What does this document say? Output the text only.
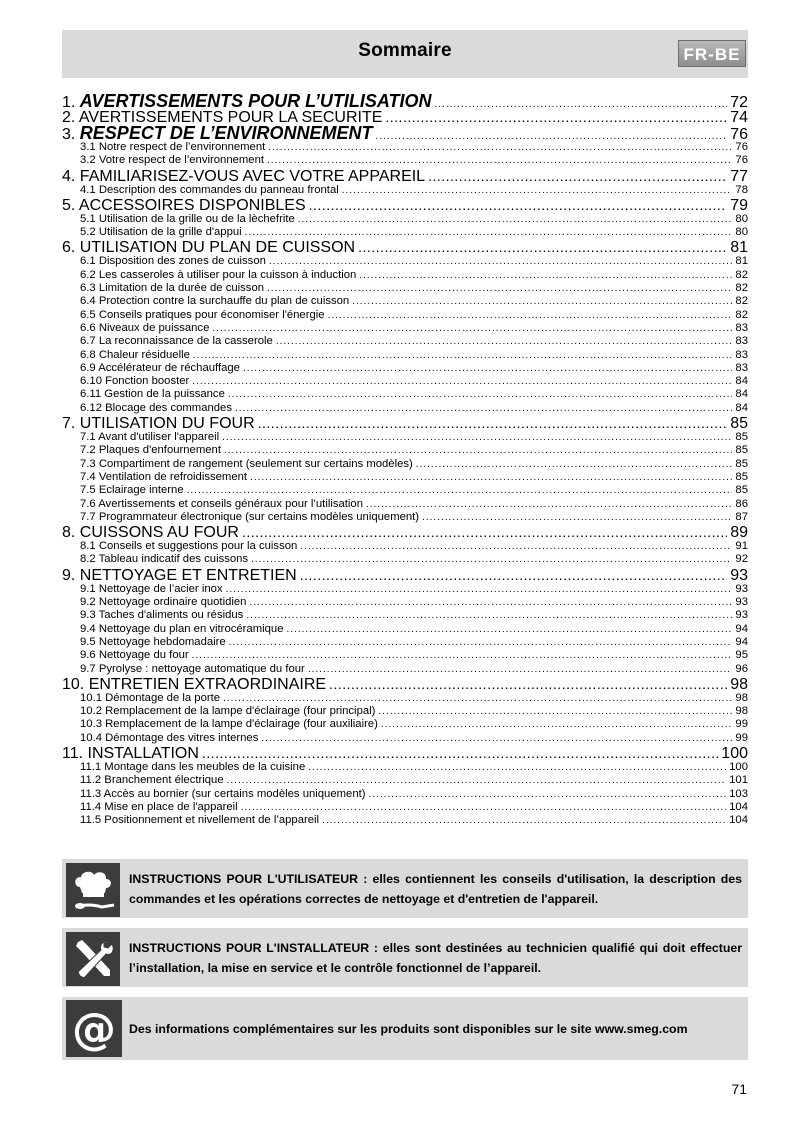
Sommaire	FR-BE
1. AVERTISSEMENTS POUR L’UTILISATION .....	72
2. AVERTISSEMENTS POUR LA SECURITE .....	74
3. RESPECT DE L’ENVIRONNEMENT .....	76
3.1 Notre respect de l’environnement .....	76
3.2 Votre respect de l’environnement .....	76
4. FAMILIARISEZ-VOUS AVEC VOTRE APPAREIL .....	77
4.1 Description des commandes du panneau frontal .....	78
5. ACCESSOIRES DISPONIBLES .....	79
5.1 Utilisation de la grille ou de la lèchefrite .....	80
5.2 Utilisation de la grille d'appui .....	80
6. UTILISATION DU PLAN DE CUISSON .....	81
6.1 Disposition des zones de cuisson .....	81
6.2 Les casseroles à utiliser pour la cuisson à induction .....	82
6.3 Limitation de la durée de cuisson .....	82
6.4 Protection contre la surchauffe du plan de cuisson .....	82
6.5 Conseils pratiques pour économiser l'énergie .....	82
6.6 Niveaux de puissance .....	83
6.7 La reconnaissance de la casserole .....	83
6.8 Chaleur résiduelle .....	83
6.9 Accélérateur de réchauffage .....	83
6.10 Fonction booster .....	84
6.11 Gestion de la puissance .....	84
6.12 Blocage des commandes .....	84
7. UTILISATION DU FOUR .....	85
7.1 Avant d'utiliser l'appareil .....	85
7.2 Plaques d'enfournement .....	85
7.3 Compartiment de rangement (seulement sur certains modèles) .....	85
7.4 Ventilation de refroidissement .....	85
7.5 Eclairage interne .....	85
7.6 Avertissements et conseils généraux pour l’utilisation .....	86
7.7 Programmateur électronique (sur certains modèles uniquement) .....	87
8. CUISSONS AU FOUR .....	89
8.1 Conseils et suggestions pour la cuisson .....	91
8.2 Tableau indicatif des cuissons .....	92
9. NETTOYAGE ET ENTRETIEN .....	93
9.1 Nettoyage de l’acier inox .....	93
9.2 Nettoyage ordinaire quotidien .....	93
9.3 Taches d'aliments ou résidus .....	93
9.4 Nettoyage du plan en vitrocéramique .....	94
9.5 Nettoyage hebdomadaire .....	94
9.6 Nettoyage du four .....	95
9.7 Pyrolyse : nettoyage automatique du four .....	96
10. ENTRETIEN EXTRAORDINAIRE .....	98
10.1 Démontage de la porte .....	98
10.2 Remplacement de la lampe d'éclairage (four principal) .....	98
10.3 Remplacement de la lampe d'éclairage (four auxiliaire) .....	99
10.4 Démontage des vitres internes .....	99
11. INSTALLATION .....	100
11.1 Montage dans les meubles de la cuisine .....	100
11.2 Branchement électrique .....	101
11.3 Accès au bornier (sur certains modèles uniquement) .....	103
11.4 Mise en place de l'appareil .....	104
11.5 Positionnement et nivellement de l’appareil .....	104
INSTRUCTIONS POUR L'UTILISATEUR : elles contiennent les conseils d'utilisation, la description des commandes et les opérations correctes de nettoyage et d'entretien de l'appareil.
INSTRUCTIONS POUR L'INSTALLATEUR : elles sont destinées au technicien qualifié qui doit effectuer l’installation, la mise en service et le contrôle fonctionnel de l’appareil.
@ Des informations complémentaires sur les produits sont disponibles sur le site www.smeg.com
71
